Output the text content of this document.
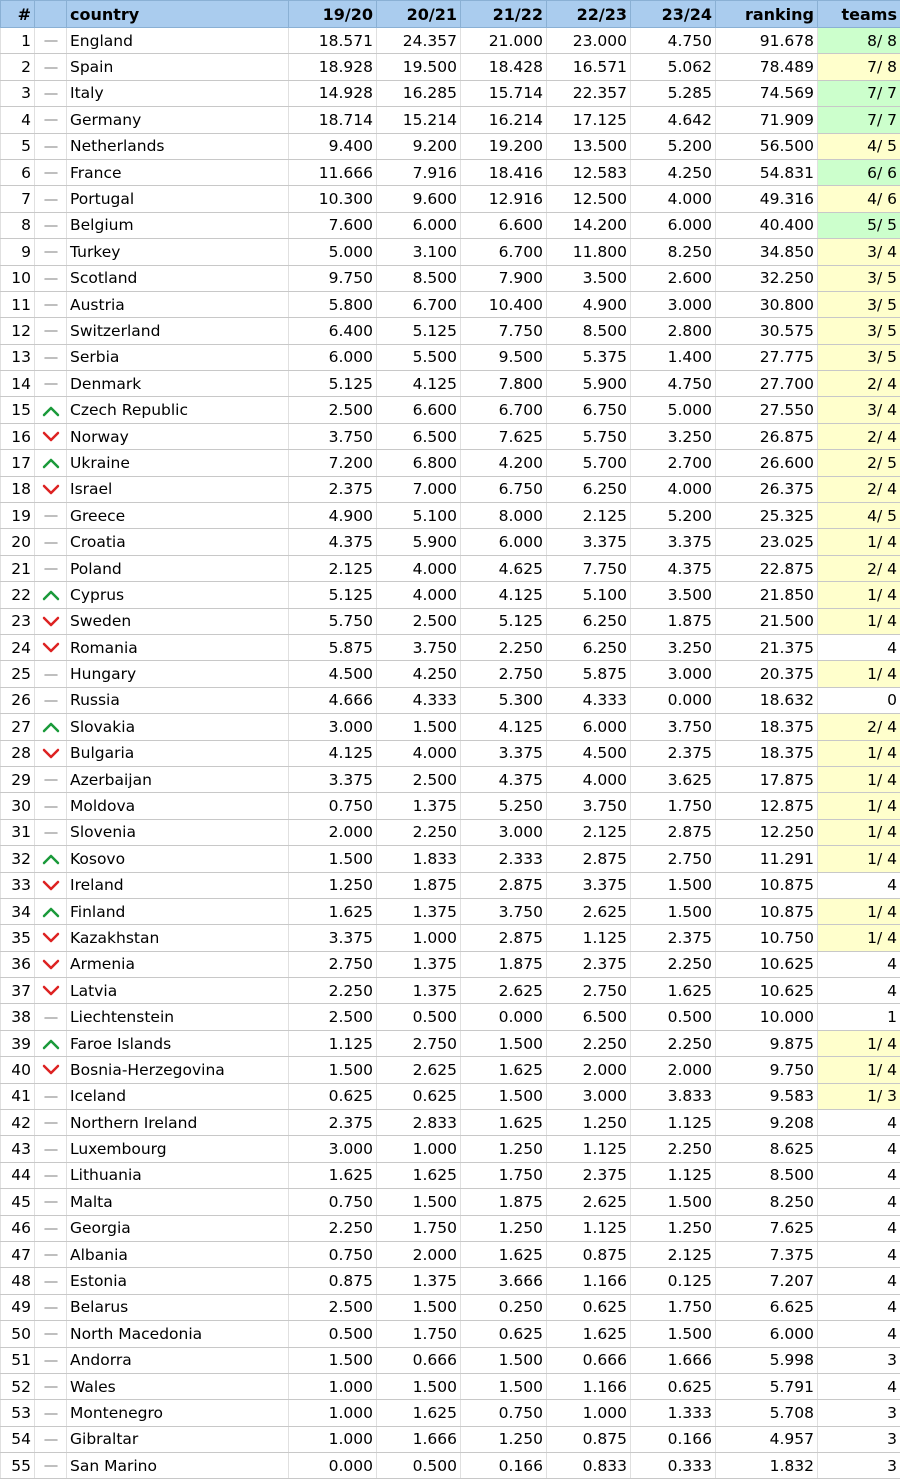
#		country	19/20	20/21	21/22	22/23	23/24	ranking	teams
1		England	18.571	24.357	21.000	23.000	4.750	91.678	8/ 8
2		Spain	18.928	19.500	18.428	16.571	5.062	78.489	7/ 8
3		Italy	14.928	16.285	15.714	22.357	5.285	74.569	7/ 7
4		Germany	18.714	15.214	16.214	17.125	4.642	71.909	7/ 7
5		Netherlands	9.400	9.200	19.200	13.500	5.200	56.500	4/ 5
6		France	11.666	7.916	18.416	12.583	4.250	54.831	6/ 6
7		Portugal	10.300	9.600	12.916	12.500	4.000	49.316	4/ 6
8		Belgium	7.600	6.000	6.600	14.200	6.000	40.400	5/ 5
9		Turkey	5.000	3.100	6.700	11.800	8.250	34.850	3/ 4
10		Scotland	9.750	8.500	7.900	3.500	2.600	32.250	3/ 5
11		Austria	5.800	6.700	10.400	4.900	3.000	30.800	3/ 5
12		Switzerland	6.400	5.125	7.750	8.500	2.800	30.575	3/ 5
13		Serbia	6.000	5.500	9.500	5.375	1.400	27.775	3/ 5
14		Denmark	5.125	4.125	7.800	5.900	4.750	27.700	2/ 4
15		Czech Republic	2.500	6.600	6.700	6.750	5.000	27.550	3/ 4
16		Norway	3.750	6.500	7.625	5.750	3.250	26.875	2/ 4
17		Ukraine	7.200	6.800	4.200	5.700	2.700	26.600	2/ 5
18		Israel	2.375	7.000	6.750	6.250	4.000	26.375	2/ 4
19		Greece	4.900	5.100	8.000	2.125	5.200	25.325	4/ 5
20		Croatia	4.375	5.900	6.000	3.375	3.375	23.025	1/ 4
21		Poland	2.125	4.000	4.625	7.750	4.375	22.875	2/ 4
22		Cyprus	5.125	4.000	4.125	5.100	3.500	21.850	1/ 4
23		Sweden	5.750	2.500	5.125	6.250	1.875	21.500	1/ 4
24		Romania	5.875	3.750	2.250	6.250	3.250	21.375	4
25		Hungary	4.500	4.250	2.750	5.875	3.000	20.375	1/ 4
26		Russia	4.666	4.333	5.300	4.333	0.000	18.632	0
27		Slovakia	3.000	1.500	4.125	6.000	3.750	18.375	2/ 4
28		Bulgaria	4.125	4.000	3.375	4.500	2.375	18.375	1/ 4
29		Azerbaijan	3.375	2.500	4.375	4.000	3.625	17.875	1/ 4
30		Moldova	0.750	1.375	5.250	3.750	1.750	12.875	1/ 4
31		Slovenia	2.000	2.250	3.000	2.125	2.875	12.250	1/ 4
32		Kosovo	1.500	1.833	2.333	2.875	2.750	11.291	1/ 4
33		Ireland	1.250	1.875	2.875	3.375	1.500	10.875	4
34		Finland	1.625	1.375	3.750	2.625	1.500	10.875	1/ 4
35		Kazakhstan	3.375	1.000	2.875	1.125	2.375	10.750	1/ 4
36		Armenia	2.750	1.375	1.875	2.375	2.250	10.625	4
37		Latvia	2.250	1.375	2.625	2.750	1.625	10.625	4
38		Liechtenstein	2.500	0.500	0.000	6.500	0.500	10.000	1
39		Faroe Islands	1.125	2.750	1.500	2.250	2.250	9.875	1/ 4
40		Bosnia-Herzegovina	1.500	2.625	1.625	2.000	2.000	9.750	1/ 4
41		Iceland	0.625	0.625	1.500	3.000	3.833	9.583	1/ 3
42		Northern Ireland	2.375	2.833	1.625	1.250	1.125	9.208	4
43		Luxembourg	3.000	1.000	1.250	1.125	2.250	8.625	4
44		Lithuania	1.625	1.625	1.750	2.375	1.125	8.500	4
45		Malta	0.750	1.500	1.875	2.625	1.500	8.250	4
46		Georgia	2.250	1.750	1.250	1.125	1.250	7.625	4
47		Albania	0.750	2.000	1.625	0.875	2.125	7.375	4
48		Estonia	0.875	1.375	3.666	1.166	0.125	7.207	4
49		Belarus	2.500	1.500	0.250	0.625	1.750	6.625	4
50		North Macedonia	0.500	1.750	0.625	1.625	1.500	6.000	4
51		Andorra	1.500	0.666	1.500	0.666	1.666	5.998	3
52		Wales	1.000	1.500	1.500	1.166	0.625	5.791	4
53		Montenegro	1.000	1.625	0.750	1.000	1.333	5.708	3
54		Gibraltar	1.000	1.666	1.250	0.875	0.166	4.957	3
55		San Marino	0.000	0.500	0.166	0.833	0.333	1.832	3
